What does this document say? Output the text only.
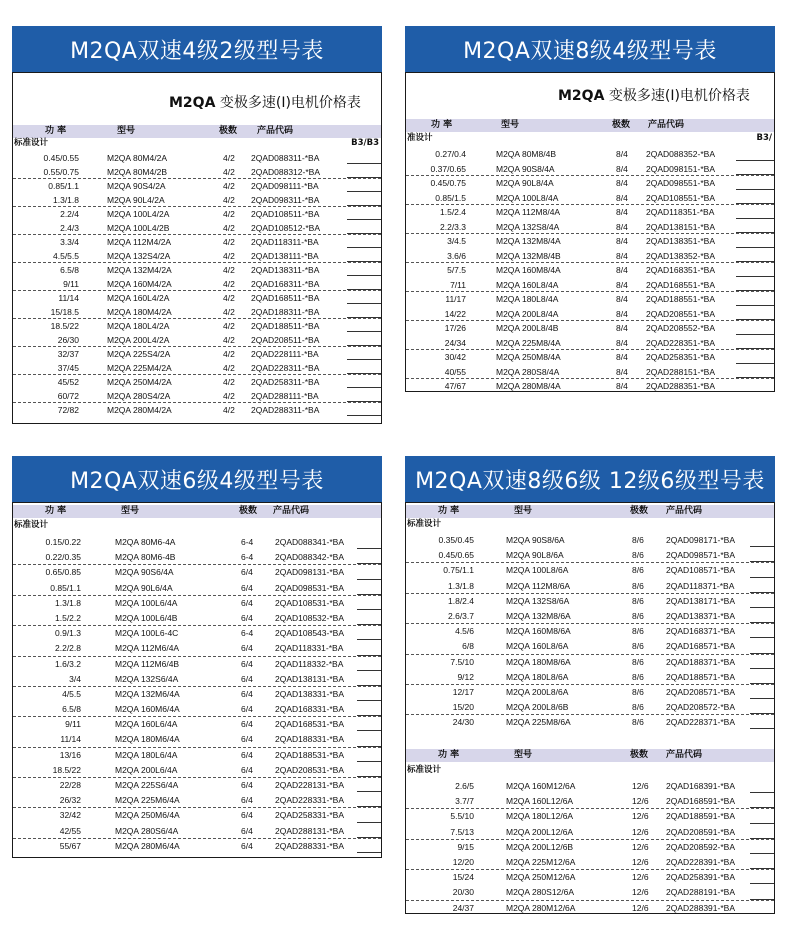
M2QA双速4级2级型号表
M2QA 变极多速(I)电机价格表
功 率	型号	极数 产品代码
标准设计	B3/B3
0.45/0.55	M2QA 80M4/2A	4/2 2QAD088311-*BA
0.55/0.75	M2QA 80M4/2B	4/2 2QAD088312-*BA
0.85/1.1	M2QA 90S4/2A	4/2 2QAD098111-*BA
1.3/1.8	M2QA 90L4/2A	4/2 2QAD098311-*BA
2.2/4	M2QA 100L4/2A	4/2 2QAD108511-*BA
2.4/3	M2QA 100L4/2B	4/2 2QAD108512-*BA
3.3/4	M2QA 112M4/2A	4/2 2QAD118311-*BA
4.5/5.5	M2QA 132S4/2A	4/2 2QAD138111-*BA
6.5/8	M2QA 132M4/2A	4/2 2QAD138311-*BA
9/11	M2QA 160M4/2A	4/2 2QAD168311-*BA
11/14	M2QA 160L4/2A	4/2 2QAD168511-*BA
15/18.5	M2QA 180M4/2A	4/2 2QAD188311-*BA
18.5/22	M2QA 180L4/2A	4/2 2QAD188511-*BA
26/30	M2QA 200L4/2A	4/2 2QAD208511-*BA
32/37	M2QA 225S4/2A	4/2 2QAD228111-*BA
37/45	M2QA 225M4/2A	4/2 2QAD228311-*BA
45/52	M2QA 250M4/2A	4/2 2QAD258311-*BA
60/72	M2QA 280S4/2A	4/2 2QAD288111-*BA
72/82	M2QA 280M4/2A	4/2 2QAD288311-*BA
M2QA双速8级4级型号表
M2QA 变极多速(I)电机价格表
功 率	型号	极数 产品代码
准设计	B3/
0.27/0.4	M2QA 80M8/4B	8/4 2QAD088352-*BA
0.37/0.65	M2QA 90S8/4A	8/4 2QAD098151-*BA
0.45/0.75	M2QA 90L8/4A	8/4 2QAD098551-*BA
0.85/1.5	M2QA 100L8/4A	8/4 2QAD108551-*BA
1.5/2.4	M2QA 112M8/4A	8/4 2QAD118351-*BA
2.2/3.3	M2QA 132S8/4A	8/4 2QAD138151-*BA
3/4.5	M2QA 132M8/4A	8/4 2QAD138351-*BA
3.6/6	M2QA 132M8/4B	8/4 2QAD138352-*BA
5/7.5	M2QA 160M8/4A	8/4 2QAD168351-*BA
7/11	M2QA 160L8/4A	8/4 2QAD168551-*BA
11/17	M2QA 180L8/4A	8/4 2QAD188551-*BA
14/22	M2QA 200L8/4A	8/4 2QAD208551-*BA
17/26	M2QA 200L8/4B	8/4 2QAD208552-*BA
24/34	M2QA 225M8/4A	8/4 2QAD228351-*BA
30/42	M2QA 250M8/4A	8/4 2QAD258351-*BA
40/55	M2QA 280S8/4A	8/4 2QAD288151-*BA
47/67	M2QA 280M8/4A	8/4 2QAD288351-*BA
M2QA双速6级4级型号表
功 率	型号	极数 产品代码
标准设计
0.15/0.22	M2QA 80M6-4A	6-4	2QAD088341-*BA
0.22/0.35	M2QA 80M6-4B	6-4	2QAD088342-*BA
0.65/0.85	M2QA 90S6/4A	6/4	2QAD098131-*BA
0.85/1.1	M2QA 90L6/4A	6/4	2QAD098531-*BA
1.3/1.8	M2QA 100L6/4A	6/4	2QAD108531-*BA
1.5/2.2	M2QA 100L6/4B	6/4	2QAD108532-*BA
0.9/1.3	M2QA 100L6-4C	6-4	2QAD108543-*BA
2.2/2.8	M2QA 112M6/4A	6/4	2QAD118331-*BA
1.6/3.2	M2QA 112M6/4B	6/4	2QAD118332-*BA
3/4	M2QA 132S6/4A	6/4	2QAD138131-*BA
4/5.5	M2QA 132M6/4A	6/4	2QAD138331-*BA
6.5/8	M2QA 160M6/4A	6/4	2QAD168331-*BA
9/11	M2QA 160L6/4A	6/4	2QAD168531-*BA
11/14	M2QA 180M6/4A	6/4	2QAD188331-*BA
13/16	M2QA 180L6/4A	6/4	2QAD188531-*BA
18.5/22	M2QA 200L6/4A	6/4	2QAD208531-*BA
22/28	M2QA 225S6/4A	6/4	2QAD228131-*BA
26/32	M2QA 225M6/4A	6/4	2QAD228331-*BA
32/42	M2QA 250M6/4A	6/4	2QAD258331-*BA
42/55	M2QA 280S6/4A	6/4	2QAD288131-*BA
55/67	M2QA 280M6/4A	6/4	2QAD288331-*BA
M2QA双速8级6级 12级6级型号表
功 率	型号	极数 产品代码
标准设计
0.35/0.45	M2QA 90S8/6A	8/6	2QAD098171-*BA
0.45/0.65	M2QA 90L8/6A	8/6	2QAD098571-*BA
0.75/1.1	M2QA 100L8/6A	8/6	2QAD108571-*BA
1.3/1.8	M2QA 112M8/6A	8/6	2QAD118371-*BA
1.8/2.4	M2QA 132S8/6A	8/6	2QAD138171-*BA
2.6/3.7	M2QA 132M8/6A	8/6	2QAD138371-*BA
4.5/6	M2QA 160M8/6A	8/6	2QAD168371-*BA
6/8	M2QA 160L8/6A	8/6	2QAD168571-*BA
7.5/10	M2QA 180M8/6A	8/6	2QAD188371-*BA
9/12	M2QA 180L8/6A	8/6	2QAD188571-*BA
12/17	M2QA 200L8/6A	8/6	2QAD208571-*BA
15/20	M2QA 200L8/6B	8/6	2QAD208572-*BA
24/30	M2QA 225M8/6A	8/6	2QAD228371-*BA
功 率	型号	极数 产品代码
标准设计
2.6/5	M2QA 160M12/6A	12/6 2QAD168391-*BA
3.7/7	M2QA 160L12/6A	12/6 2QAD168591-*BA
5.5/10	M2QA 180L12/6A	12/6 2QAD188591-*BA
7.5/13	M2QA 200L12/6A	12/6 2QAD208591-*BA
9/15	M2QA 200L12/6B	12/6 2QAD208592-*BA
12/20	M2QA 225M12/6A	12/6 2QAD228391-*BA
15/24	M2QA 250M12/6A	12/6 2QAD258391-*BA
20/30	M2QA 280S12/6A	12/6 2QAD288191-*BA
24/37	M2QA 280M12/6A	12/6 2QAD288391-*BA
